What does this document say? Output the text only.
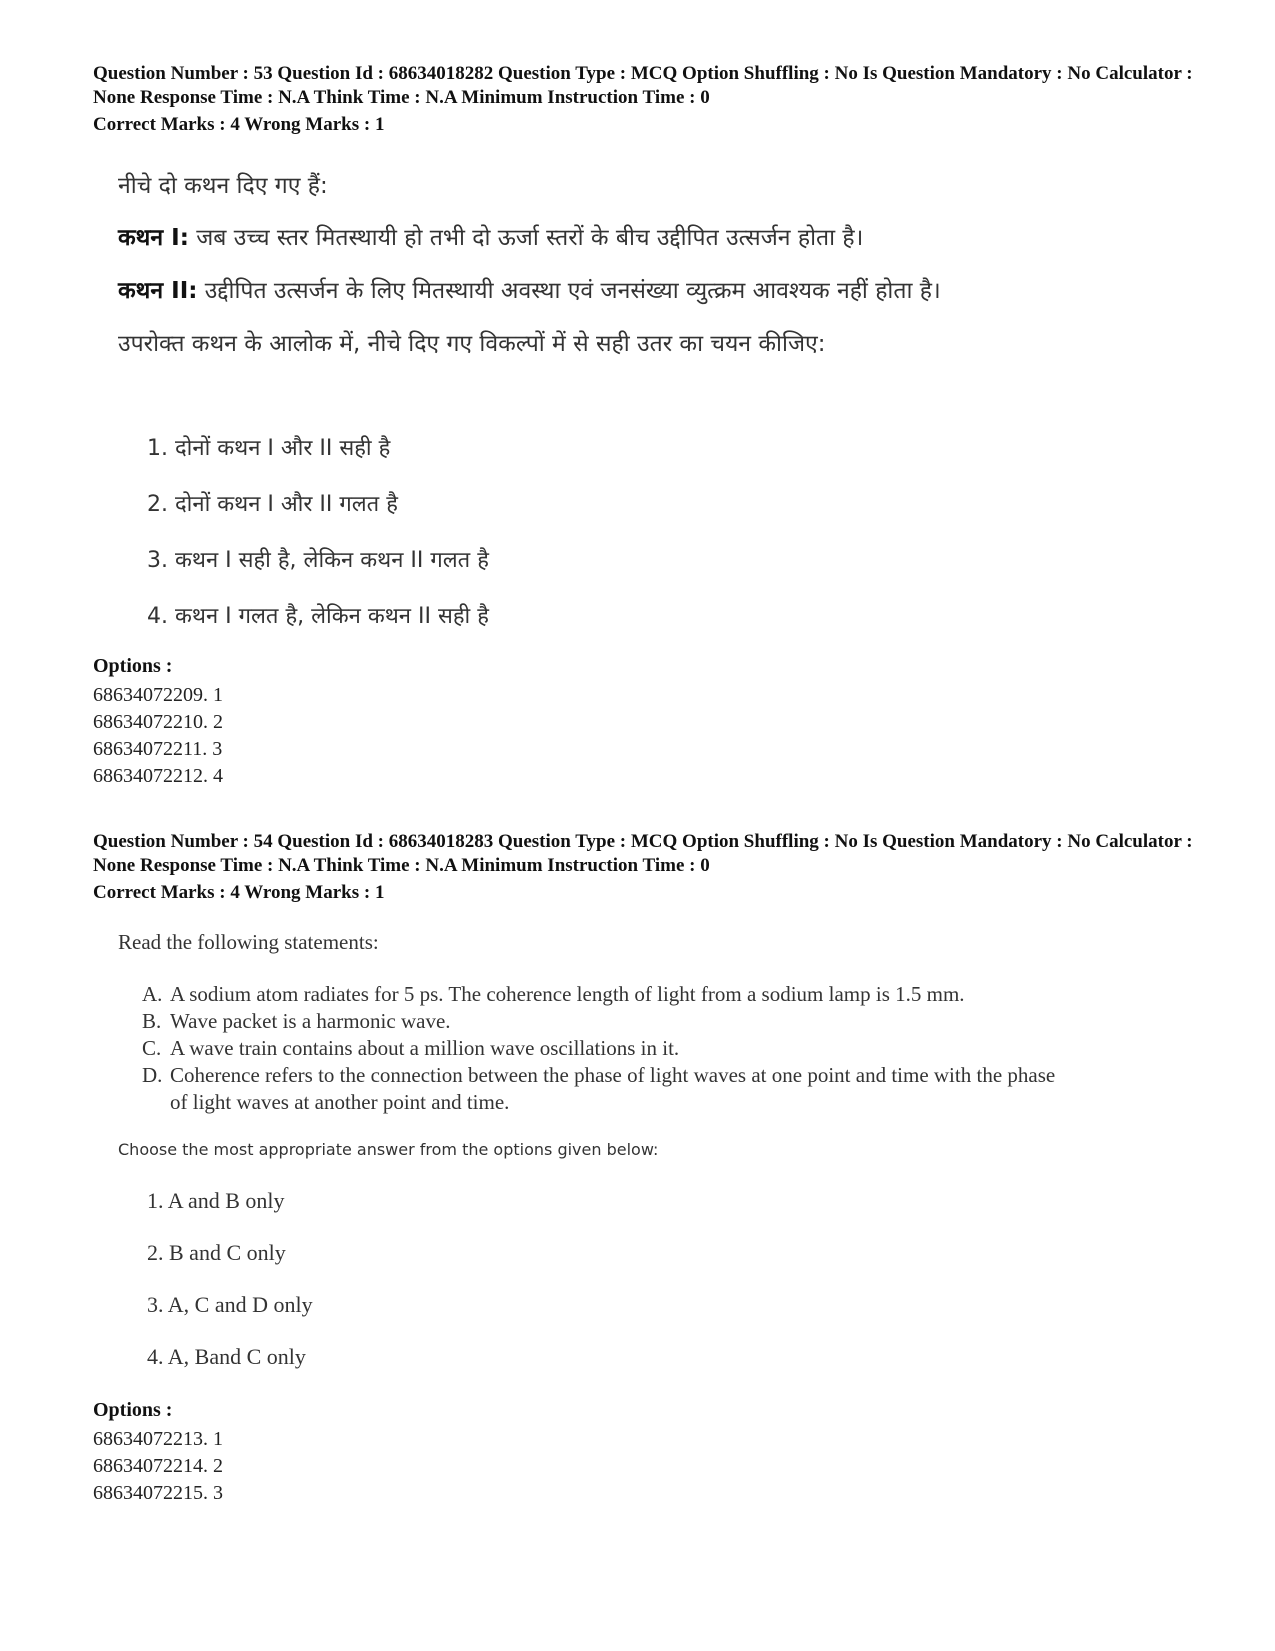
Question Number : 53 Question Id : 68634018282 Question Type : MCQ Option Shuffling : No Is Question Mandatory : No Calculator : None Response Time : N.A Think Time : N.A Minimum Instruction Time : 0

Correct Marks : 4 Wrong Marks : 1

नीचे दो कथन दिए गए हैं:
कथन I: जब उच्च स्तर मितस्थायी हो तभी दो ऊर्जा स्तरों के बीच उद्दीपित उत्सर्जन होता है।
कथन II: उद्दीपित उत्सर्जन के लिए मितस्थायी अवस्था एवं जनसंख्या व्युत्क्रम आवश्यक नहीं होता है।
उपरोक्त कथन के आलोक में, नीचे दिए गए विकल्पों में से सही उतर का चयन कीजिए:
1. दोनों कथन I और II सही है
2. दोनों कथन I और II गलत है
3. कथन I सही है, लेकिन कथन II गलत है
4. कथन I गलत है, लेकिन कथन II सही है
Options :
68634072209. 1
68634072210. 2
68634072211. 3
68634072212. 4

Question Number : 54 Question Id : 68634018283 Question Type : MCQ Option Shuffling : No Is Question Mandatory : No Calculator : None Response Time : N.A Think Time : N.A Minimum Instruction Time : 0

Correct Marks : 4 Wrong Marks : 1

Read the following statements:
A. A sodium atom radiates for 5 ps. The coherence length of light from a sodium lamp is 1.5 mm.
B. Wave packet is a harmonic wave.
C. A wave train contains about a million wave oscillations in it.
D. Coherence refers to the connection between the phase of light waves at one point and time with the phase
of light waves at another point and time.
Choose the most appropriate answer from the options given below:
1. A and B only
2. B and C only
3. A, C and D only
4. A, Band C only
Options :
68634072213. 1
68634072214. 2
68634072215. 3
